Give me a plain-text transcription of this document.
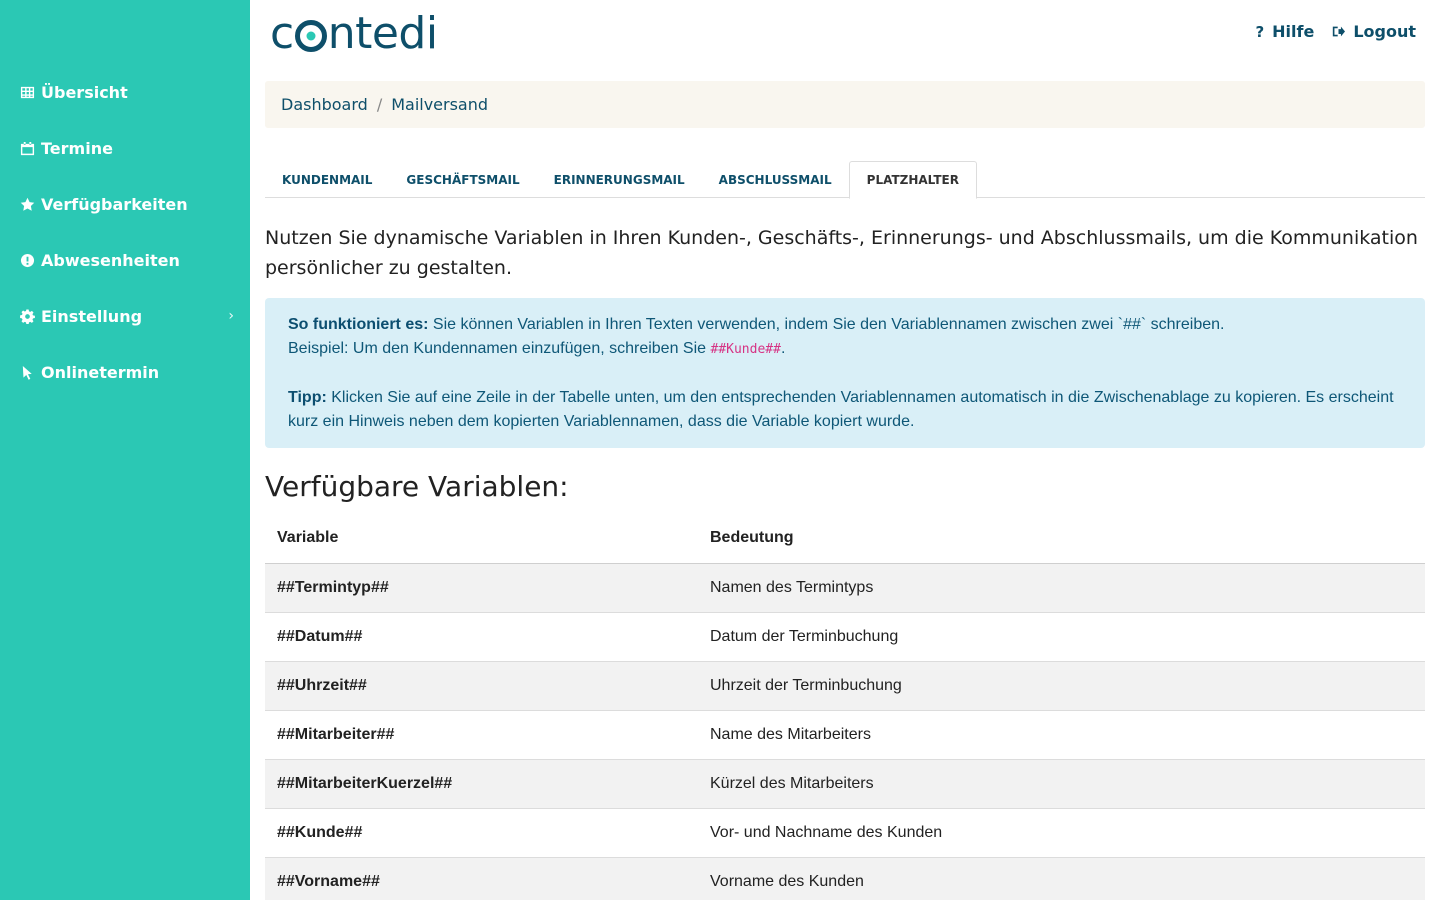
Übersicht
Termine
Verfügbarkeiten
Abwesenheiten
Einstellung	›
Onlinetermin
c ntedi	? Hilfe Logout
Dashboard / Mailversand
KUNDENMAIL	GESCHÄFTSMAIL	ERINNERUNGSMAIL	ABSCHLUSSMAIL	PLATZHALTER

Nutzen Sie dynamische Variablen in Ihren Kunden-, Geschäfts-, Erinnerungs- und Abschlussmails, um die Kommunikation persönlicher zu gestalten.

So funktioniert es: Sie können Variablen in Ihren Texten verwenden, indem Sie den Variablennamen zwischen zwei `##` schreiben.
Beispiel: Um den Kundennamen einzufügen, schreiben Sie ##Kunde##.

Tipp: Klicken Sie auf eine Zeile in der Tabelle unten, um den entsprechenden Variablennamen automatisch in die Zwischenablage zu kopieren. Es erscheint kurz ein Hinweis neben dem kopierten Variablennamen, dass die Variable kopiert wurde.

Verfügbare Variablen:
Variable	Bedeutung
##Termintyp##	Namen des Termintyps
##Datum##	Datum der Terminbuchung
##Uhrzeit##	Uhrzeit der Terminbuchung
##Mitarbeiter##	Name des Mitarbeiters
##MitarbeiterKuerzel##	Kürzel des Mitarbeiters
##Kunde##	Vor- und Nachname des Kunden
##Vorname##	Vorname des Kunden
